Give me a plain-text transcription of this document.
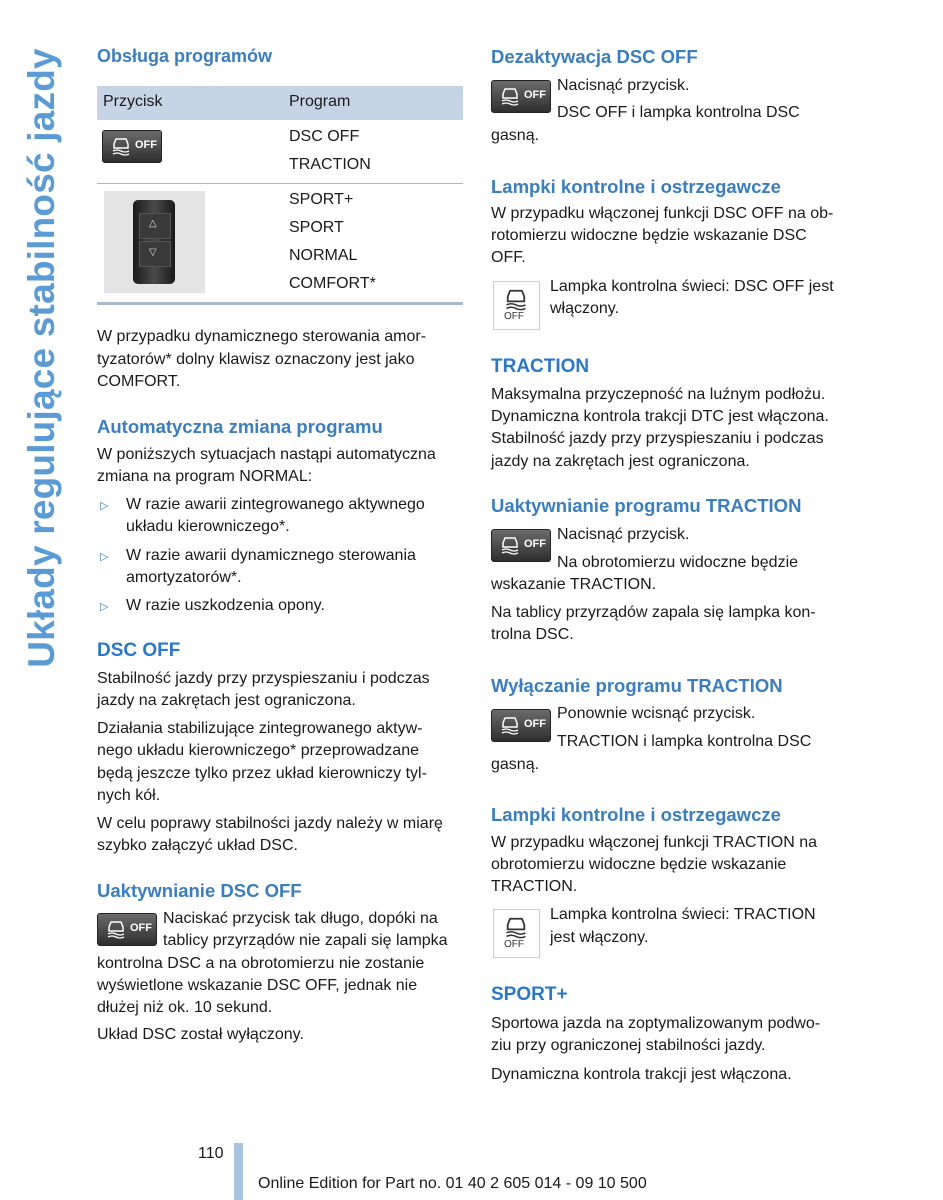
Układy regulujące stabilność jazdy Obsługa programów
Przycisk	Program
OFF	DSC OFF
TRACTION
△
▽
SPORT+
SPORT
NORMAL
COMFORT*
W przypadku dynamicznego sterowania amor-
tyzatorów* dolny klawisz oznaczony jest jako
COMFORT.
Automatyczna zmiana programu
W poniższych sytuacjach nastąpi automatyczna
zmiana na program NORMAL:
▷ W razie awarii zintegrowanego aktywnego
układu kierowniczego*.
▷ W razie awarii dynamicznego sterowania
amortyzatorów*.
▷ W razie uszkodzenia opony.
DSC OFF
Stabilność jazdy przy przyspieszaniu i podczas
jazdy na zakrętach jest ograniczona.
Działania stabilizujące zintegrowanego aktyw-
nego układu kierowniczego* przeprowadzane
będą jeszcze tylko przez układ kierowniczy tyl-
nych kół.
W celu poprawy stabilności jazdy należy w miarę
szybko załączyć układ DSC.
Uaktywnianie DSC OFF
OFF
Naciskać przycisk tak długo, dopóki na
tablicy przyrządów nie zapali się lampka
kontrolna DSC a na obrotomierzu nie zostanie
wyświetlone wskazanie DSC OFF, jednak nie
dłużej niż ok. 10 sekund.
Układ DSC został wyłączony.
Dezaktywacja DSC OFF
OFF
Nacisnąć przycisk.
DSC OFF i lampka kontrolna DSC
gasną.
Lampki kontrolne i ostrzegawcze
W przypadku włączonej funkcji DSC OFF na ob-
rotomierzu widoczne będzie wskazanie DSC
OFF.
OFF
Lampka kontrolna świeci: DSC OFF jest
włączony.
TRACTION
Maksymalna przyczepność na luźnym podłożu.
Dynamiczna kontrola trakcji DTC jest włączona.
Stabilność jazdy przy przyspieszaniu i podczas
jazdy na zakrętach jest ograniczona.
Uaktywnianie programu TRACTION
OFF
Nacisnąć przycisk.
Na obrotomierzu widoczne będzie
wskazanie TRACTION.
Na tablicy przyrządów zapala się lampka kon-
trolna DSC.
Wyłączanie programu TRACTION
OFF
Ponownie wcisnąć przycisk.
TRACTION i lampka kontrolna DSC
gasną.
Lampki kontrolne i ostrzegawcze
W przypadku włączonej funkcji TRACTION na
obrotomierzu widoczne będzie wskazanie
TRACTION.
OFF
Lampka kontrolna świeci: TRACTION
jest włączony.
SPORT+
Sportowa jazda na zoptymalizowanym podwo-
ziu przy ograniczonej stabilności jazdy.
Dynamiczna kontrola trakcji jest włączona.
110
Online Edition for Part no. 01 40 2 605 014 - 09 10 500
